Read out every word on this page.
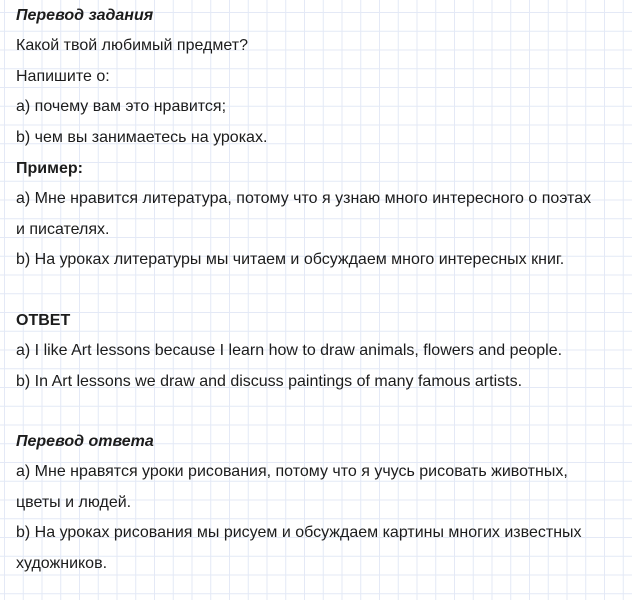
Перевод задания
Какой твой любимый предмет?
Напишите о:
a) почему вам это нравится;
b) чем вы занимаетесь на уроках.
Пример:
a) Мне нравится литература, потому что я узнаю много интересного о поэтах
и писателях.
b) На уроках литературы мы читаем и обсуждаем много интересных книг.
ОТВЕТ
a) I like Art lessons because I learn how to draw animals, flowers and people.
b) In Art lessons we draw and discuss paintings of many famous artists.
Перевод ответа
a) Мне нравятся уроки рисования, потому что я учусь рисовать животных,
цветы и людей.
b) На уроках рисования мы рисуем и обсуждаем картины многих известных
художников.
